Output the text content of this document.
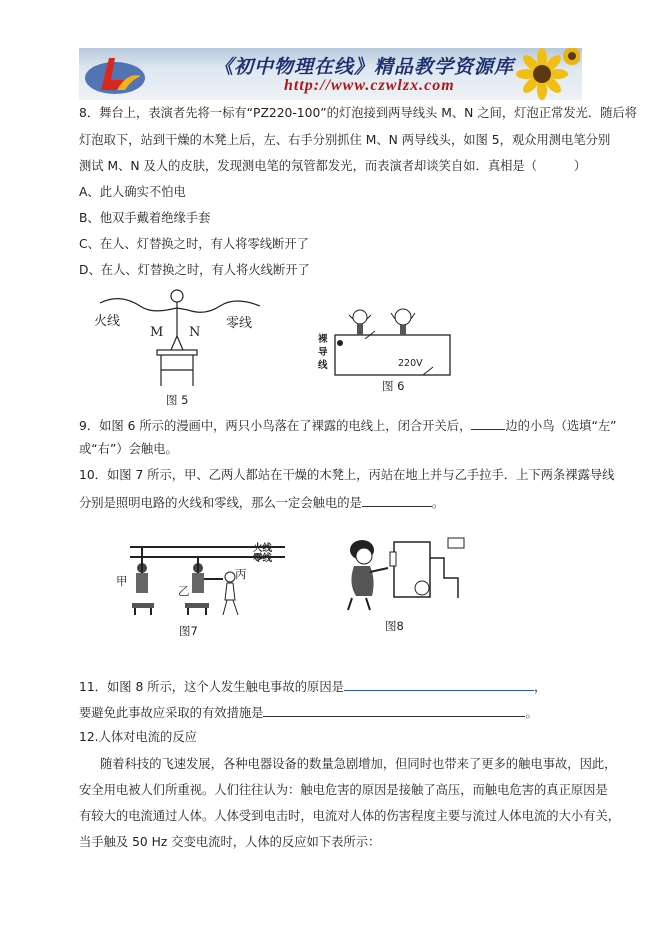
《初中物理在线》精品教学资源库
http://www.czwlzx.com
8．舞台上，表演者先将一标有“PZ220-100”的灯泡接到两导线头 M、N 之间，灯泡正常发光．随后将
灯泡取下，站到干燥的木凳上后，左、右手分别抓住 M、N 两导线头，如图 5，观众用测电笔分别
测试 M、N 及人的皮肤，发现测电笔的氖管都发光，而表演者却谈笑自如．真相是（　　　）
A、此人确实不怕电
B、他双手戴着绝缘手套
C、在人、灯替换之时，有人将零线断开了
D、在人、灯替换之时，有人将火线断开了
火线	零线
M N
图 5
裸导线	220V
图 6
9．如图 6 所示的漫画中，两只小鸟落在了裸露的电线上，闭合开关后，	边的小鸟（选填“左”
或“右”）会触电。
10．如图 7 所示，甲、乙两人都站在干燥的木凳上，丙站在地上并与乙手拉手．上下两条裸露导线
分别是照明电路的火线和零线，那么一定会触电的是	。
火线
零线
甲
乙
丙
图7	图8
11．如图 8 所示，这个人发生触电事故的原因是	，
要避免此事故应采取的有效措施是	。
12.人体对电流的反应
随着科技的飞速发展，各种电器设备的数量急剧增加，但同时也带来了更多的触电事故，因此，
安全用电被人们所重视。人们往往认为：触电危害的原因是接触了高压，而触电危害的真正原因是
有较大的电流通过人体。人体受到电击时，电流对人体的伤害程度主要与流过人体电流的大小有关，
当手触及 50 Hz 交变电流时，人体的反应如下表所示：
